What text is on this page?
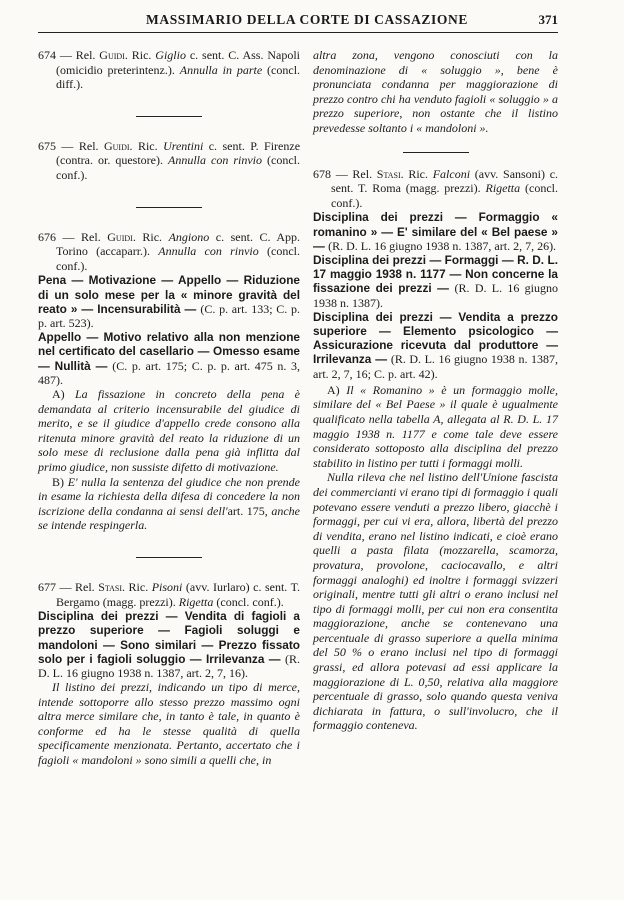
MASSIMARIO DELLA CORTE DI CASSAZIONE	371

674 — Rel. Guidi. Ric. Giglio c. sent. C. Ass. Napoli (omicidio preterintenz.). Annulla in parte (concl. diff.).

675 — Rel. Guidi. Ric. Urentini c. sent. P. Firenze (contra. or. questore). Annulla con rinvio (concl. conf.).

676 — Rel. Guidi. Ric. Angiono c. sent. C. App. Torino (accaparr.). Annulla con rinvio (concl. conf.).

Pena — Motivazione — Appello — Riduzione di un solo mese per la « minore gravità del reato » — Incensurabilità — (C. p. art. 133; C. p. p. art. 523).

Appello — Motivo relativo alla non menzione nel certificato del casellario — Omesso esame — Nullità — (C. p. art. 175; C. p. p. art. 475 n. 3, 487).

A) La fissazione in concreto della pena è demandata al criterio incensurabile del giudice di merito, e se il giudice d'appello crede consono alla ritenuta minore gravità del reato la riduzione di un solo mese di reclusione dalla pena già inflitta dal primo giudice, non sussiste difetto di motivazione.

B) E' nulla la sentenza del giudice che non prende in esame la richiesta della difesa di concedere la non iscrizione della condanna ai sensi dell'art. 175, anche se intende respingerla.

677 — Rel. Stasi. Ric. Pisoni (avv. Iurlaro) c. sent. T. Bergamo (magg. prezzi). Rigetta (concl. conf.).

Disciplina dei prezzi — Vendita di fagioli a prezzo superiore — Fagioli soluggi e mandoloni — Sono similari — Prezzo fissato solo per i fagioli soluggio — Irrilevanza — (R. D. L. 16 giugno 1938 n. 1387, art. 2, 7, 16).

Il listino dei prezzi, indicando un tipo di merce, intende sottoporre allo stesso prezzo massimo ogni altra merce similare che, in tanto è tale, in quanto è conforme ed ha le stesse qualità di quella specificamente menzionata. Pertanto, accertato che i fagioli « mandoloni » sono simili a quelli che, in

altra zona, vengono conosciuti con la denominazione di « soluggio », bene è pronunciata condanna per maggiorazione di prezzo contro chi ha venduto fagioli « soluggio » a prezzo superiore, non ostante che il listino prevedesse soltanto i « mandoloni ».

678 — Rel. Stasi. Ric. Falconi (avv. Sansoni) c. sent. T. Roma (magg. prezzi). Rigetta (concl. conf.).

Disciplina dei prezzi — Formaggio « romanino » — E' similare del « Bel paese » — (R. D. L. 16 giugno 1938 n. 1387, art. 2, 7, 26).

Disciplina dei prezzi — Formaggi — R. D. L. 17 maggio 1938 n. 1177 — Non concerne la fissazione dei prezzi — (R. D. L. 16 giugno 1938 n. 1387).

Disciplina dei prezzi — Vendita a prezzo superiore — Elemento psicologico — Assicurazione ricevuta dal produttore — Irrilevanza — (R. D. L. 16 giugno 1938 n. 1387, art. 2, 7, 16; C. p. art. 42).

A) Il « Romanino » è un formaggio molle, similare del « Bel Paese » il quale è ugualmente qualificato nella tabella A, allegata al R. D. L. 17 maggio 1938 n. 1177 e come tale deve essere considerato sottoposto alla disciplina del prezzo stabilito in listino per tutti i formaggi molli.

Nulla rileva che nel listino dell'Unione fascista dei commercianti vi erano tipi di formaggio i quali potevano essere venduti a prezzo libero, giacchè i formaggi, per cui vi era, allora, libertà del prezzo di vendita, erano nel listino indicati, e cioè erano quelli a pasta filata (mozzarella, scamorza, provatura, provolone, caciocavallo, e altri formaggi analoghi) ed inoltre i formaggi svizzeri originali, mentre tutti gli altri o erano inclusi nel tipo di formaggi molli, per cui non era consentita maggiorazione, anche se contenevano una percentuale di grasso superiore a quella minima del 50 % o erano inclusi nel tipo di formaggi grassi, ed allora potevasi ad essi applicare la maggiorazione di L. 0,50, relativa alla maggiore percentuale di grasso, solo quando questa veniva dichiarata in fattura, o sull'involucro, che il formaggio conteneva.
